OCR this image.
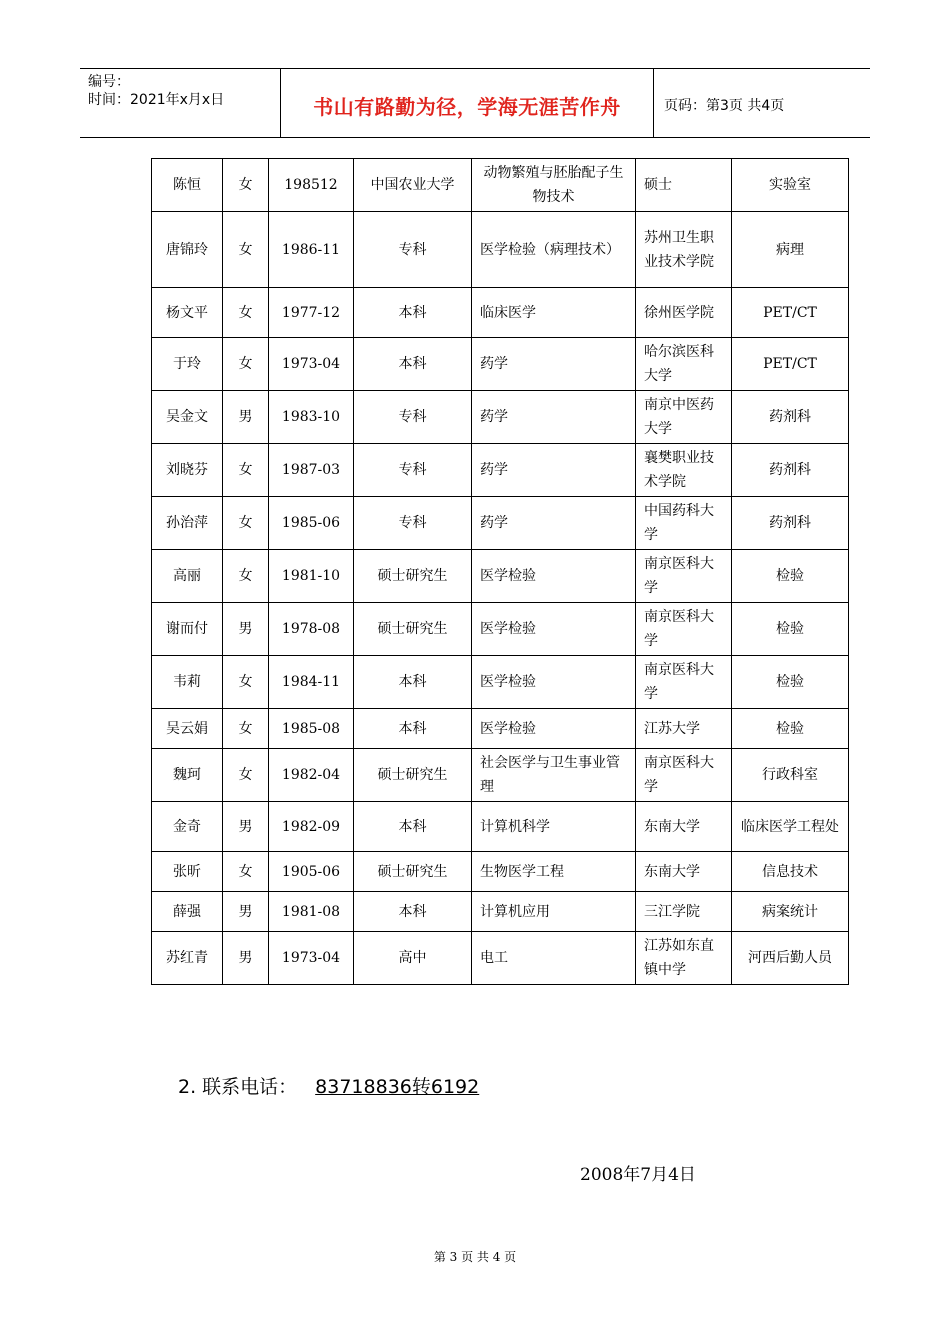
编号：
时间：2021年x月x日	书山有路勤为径，学海无涯苦作舟	页码：第3页 共4页
陈恒	女	198512	中国农业大学	动物繁殖与胚胎配子生物技术	硕士	实验室
唐锦玲	女	1986-11	专科	医学检验（病理技术）	苏州卫生职业技术学院	病理
杨文平	女	1977-12	本科	临床医学	徐州医学院	PET/CT
于玲	女	1973-04	本科	药学	哈尔滨医科大学	PET/CT
吴金文	男	1983-10	专科	药学	南京中医药大学	药剂科
刘晓芬	女	1987-03	专科	药学	襄樊职业技术学院	药剂科
孙治萍	女	1985-06	专科	药学	中国药科大学	药剂科
高丽	女	1981-10	硕士研究生	医学检验	南京医科大学	检验
谢而付	男	1978-08	硕士研究生	医学检验	南京医科大学	检验
韦莉	女	1984-11	本科	医学检验	南京医科大学	检验
吴云娟	女	1985-08	本科	医学检验	江苏大学	检验
魏珂	女	1982-04	硕士研究生	社会医学与卫生事业管理	南京医科大学	行政科室
金奇	男	1982-09	本科	计算机科学	东南大学	临床医学工程处
张昕	女	1905-06	硕士研究生	生物医学工程	东南大学	信息技术
薛强	男	1981-08	本科	计算机应用	三江学院	病案统计
苏红青	男	1973-04	高中	电工	江苏如东直镇中学	河西后勤人员
2. 联系电话： 83718836转6192
2008年7月4日
第 3 页 共 4 页
